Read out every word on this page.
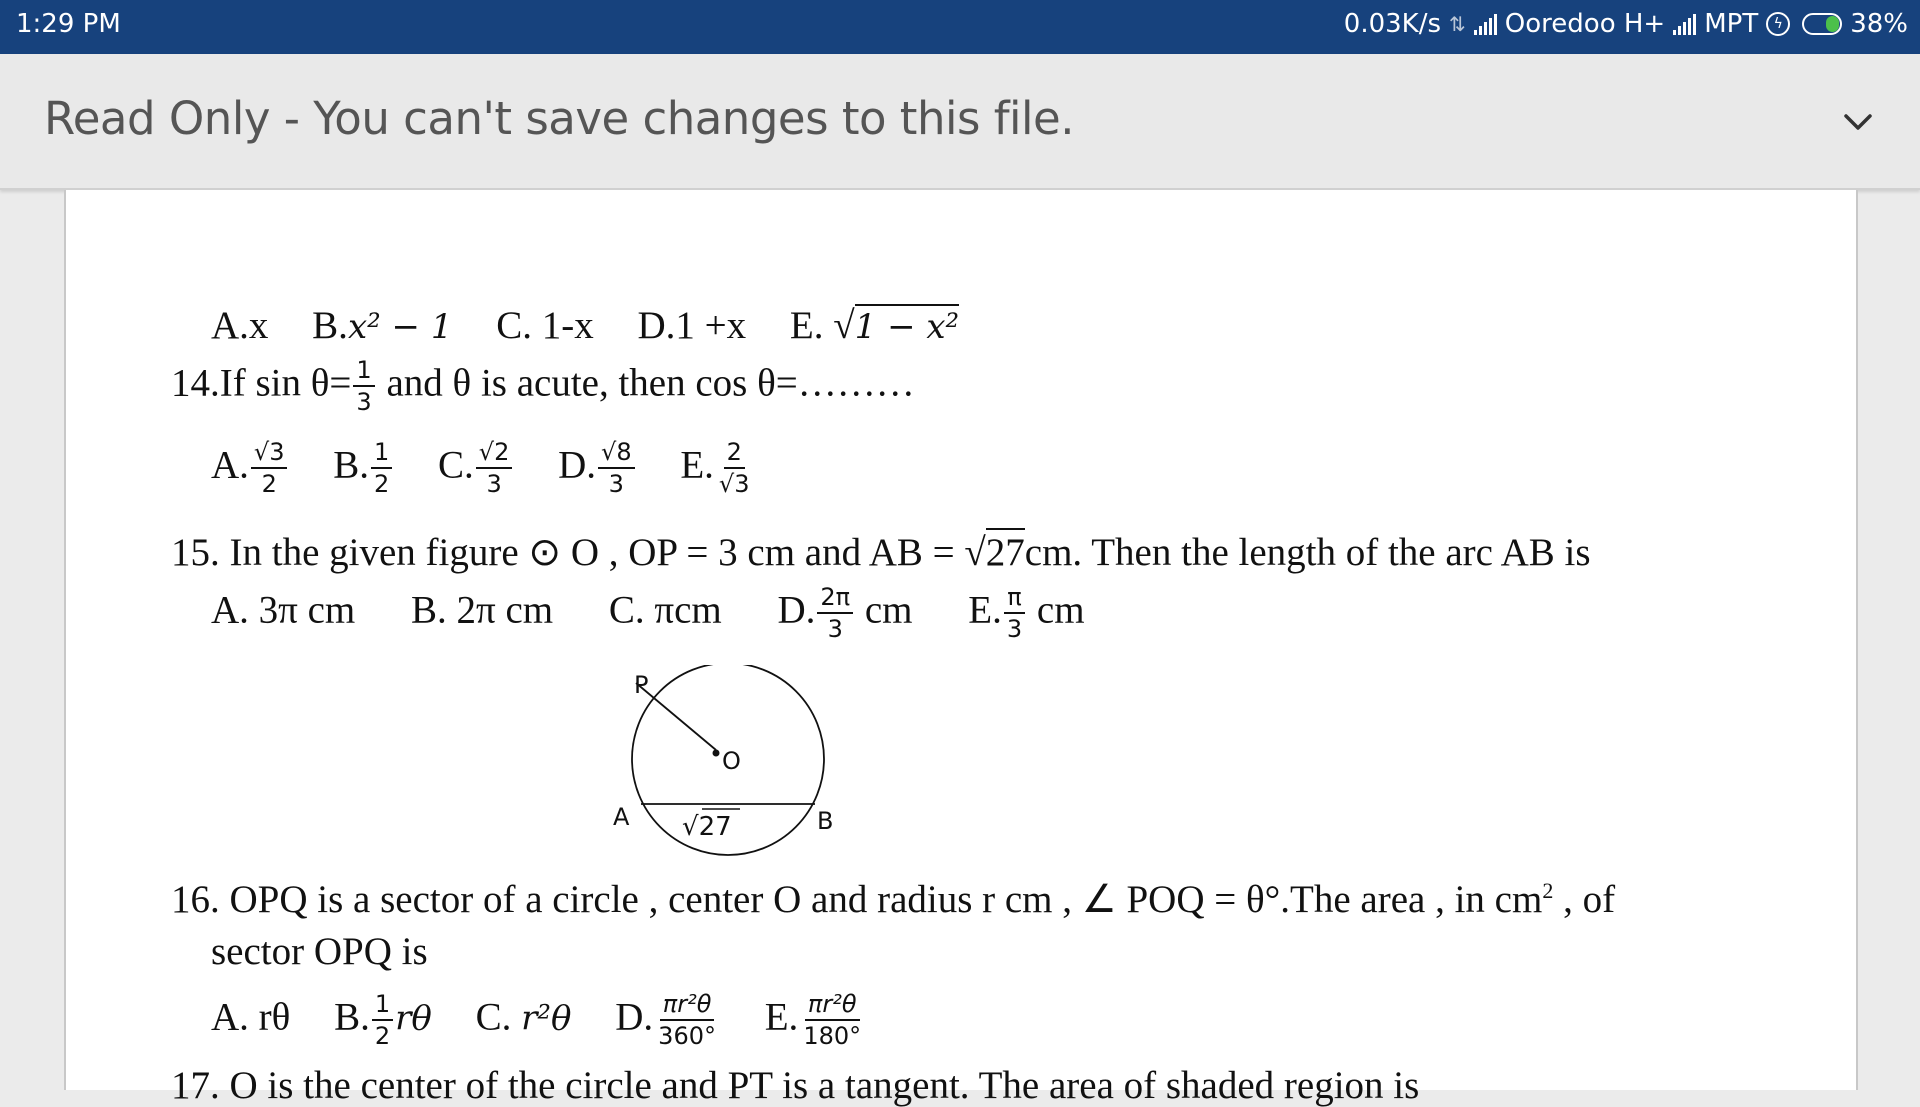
1:29 PM	0.03K/s ⇅ Ooredoo H+ MPT	ϟ	38%
Read Only - You can't save changes to this file.
A.x B.x² − 1 C. 1-x D.1 +x E. √1 − x²
14.If $\sin \theta= \frac{1}{3}$ and θ is acute, then cos θ=………
A. $\frac{√3}{2} B$. $\frac{1}{2} C$. $\frac{√2}{3} D$. $\frac{√8}{3} E$. $\frac{2}{√3}$
15. In the given figure ⊙ O , OP = 3 cm and AB = √27cm. Then the length of the arc AB is
A. 3π cm B. 2π cm C. πcm D. $\frac{2\pi}{3}$ cm E. $\frac{\pi}{3}$ cm
P
O
A	B
√27
16. OPQ is a sector of a circle , center O and radius r cm , ∠ POQ = θ°.The area , in $cm^2$ , of
sector OPQ is
A. rθ B. $\frac{1}{2}$ rθ C. r²θ D. $\frac{\text{πr²θ}}{360^\circ} E$. $\frac{\text{πr²θ}}{180^\circ}$
17. O is the center of the circle and PT is a tangent. The area of shaded region is
